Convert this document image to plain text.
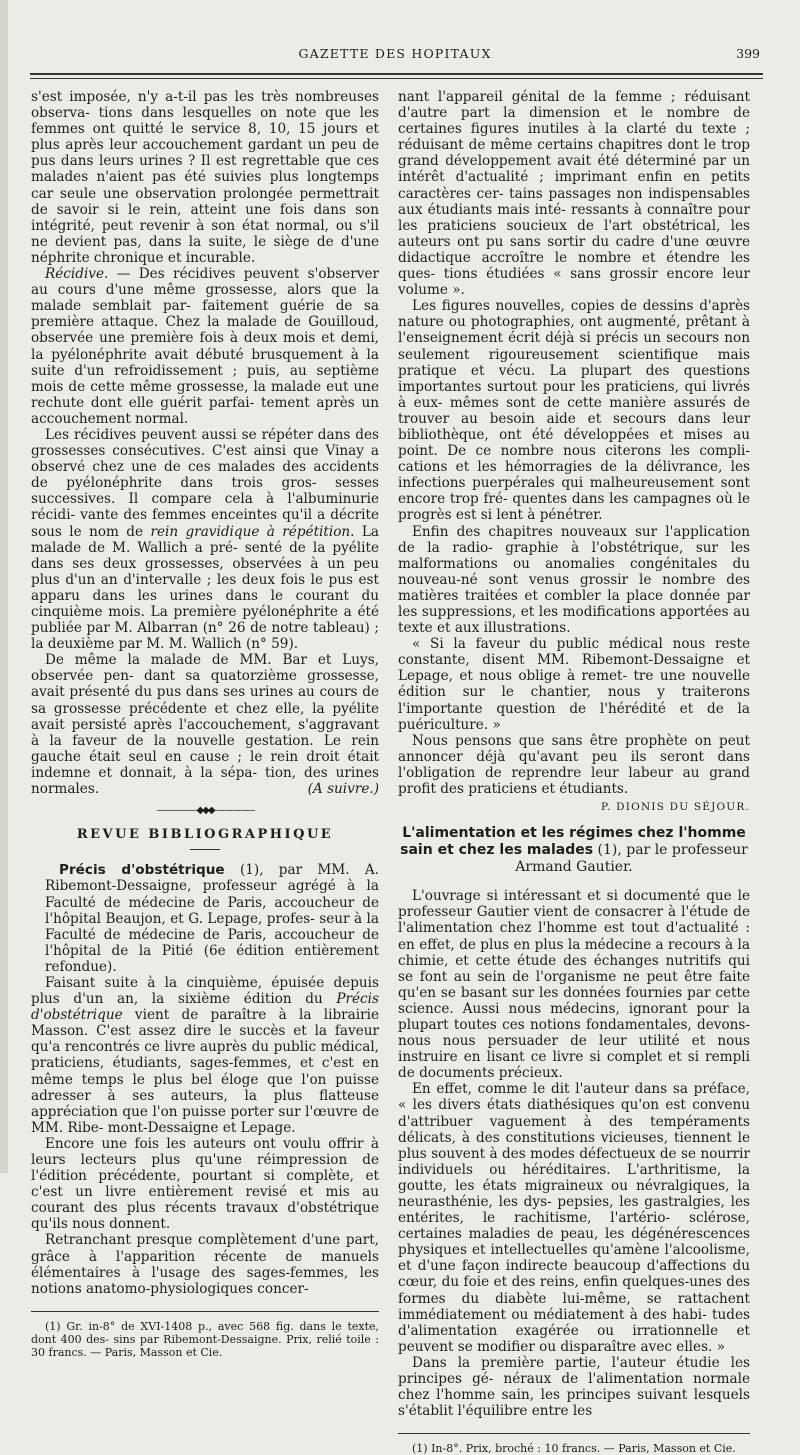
GAZETTE DES HOPITAUX	399

s'est imposée, n'y a-t-il pas les très nombreuses observa- tions dans lesquelles on note que les femmes ont quitté le service 8, 10, 15 jours et plus après leur accouchement gardant un peu de pus dans leurs urines ? Il est regrettable que ces malades n'aient pas été suivies plus longtemps car seule une observation prolongée permettrait de savoir si le rein, atteint une fois dans son intégrité, peut revenir à son état normal, ou s'il ne devient pas, dans la suite, le siège de d'une néphrite chronique et incurable.

Récidive. — Des récidives peuvent s'observer au cours d'une même grossesse, alors que la malade semblait par- faitement guérie de sa première attaque. Chez la malade de Gouilloud, observée une première fois à deux mois et demi, la pyélonéphrite avait débuté brusquement à la suite d'un refroidissement ; puis, au septième mois de cette même grossesse, la malade eut une rechute dont elle guérit parfai- tement après un accouchement normal.

Les récidives peuvent aussi se répéter dans des grossesses consécutives. C'est ainsi que Vinay a observé chez une de ces malades des accidents de pyélonéphrite dans trois gros- sesses successives. Il compare cela à l'albuminurie récidi- vante des femmes enceintes qu'il a décrite sous le nom de rein gravidique à répétition. La malade de M. Wallich a pré- senté de la pyélite dans ses deux grossesses, observées à un peu plus d'un an d'intervalle ; les deux fois le pus est apparu dans les urines dans le courant du cinquième mois. La première pyélonéphrite a été publiée par M. Albarran (n° 26 de notre tableau) ; la deuxième par M. M. Wallich (n° 59).

De même la malade de MM. Bar et Luys, observée pen- dant sa quatorzième grossesse, avait présenté du pus dans ses urines au cours de sa grossesse précédente et chez elle, la pyélite avait persisté après l'accouchement, s'aggravant à la faveur de la nouvelle gestation. Le rein gauche était seul en cause ; le rein droit était indemne et donnait, à la sépa- tion, des urines normales.	(A suivre.)

—————◆◆◆—————
REVUE BIBLIOGRAPHIQUE

Précis d'obstétrique (1), par MM. A. Ribemont-Dessaigne, professeur agrégé à la Faculté de médecine de Paris, accoucheur de l'hôpital Beaujon, et G. Lepage, profes- seur à la Faculté de médecine de Paris, accoucheur de l'hôpital de la Pitié (6e édition entièrement refondue).

Faisant suite à la cinquième, épuisée depuis plus d'un an, la sixième édition du Précis d'obstétrique vient de paraître à la librairie Masson. C'est assez dire le succès et la faveur qu'a rencontrés ce livre auprès du public médical, praticiens, étudiants, sages-femmes, et c'est en même temps le plus bel éloge que l'on puisse adresser à ses auteurs, la plus flatteuse appréciation que l'on puisse porter sur l'œuvre de MM. Ribe- mont-Dessaigne et Lepage.

Encore une fois les auteurs ont voulu offrir à leurs lecteurs plus qu'une réimpression de l'édition précédente, pourtant si complète, et c'est un livre entièrement revisé et mis au courant des plus récents travaux d'obstétrique qu'ils nous donnent.

Retranchant presque complètement d'une part, grâce à l'apparition récente de manuels élémentaires à l'usage des sages-femmes, les notions anatomo-physiologiques concer-

(1) Gr. in-8° de XVI-1408 p., avec 568 fig. dans le texte, dont 400 des- sins par Ribemont-Dessaigne. Prix, relié toile : 30 francs. — Paris, Masson et Cie.

nant l'appareil génital de la femme ; réduisant d'autre part la dimension et le nombre de certaines figures inutiles à la clarté du texte ; réduisant de même certains chapitres dont le trop grand développement avait été déterminé par un intérêt d'actualité ; imprimant enfin en petits caractères cer- tains passages non indispensables aux étudiants mais inté- ressants à connaître pour les praticiens soucieux de l'art obstétrical, les auteurs ont pu sans sortir du cadre d'une œuvre didactique accroître le nombre et étendre les ques- tions étudiées « sans grossir encore leur volume ».

Les figures nouvelles, copies de dessins d'après nature ou photographies, ont augmenté, prêtant à l'enseignement écrit déjà si précis un secours non seulement rigoureusement scientifique mais pratique et vécu. La plupart des questions importantes surtout pour les praticiens, qui livrés à eux- mêmes sont de cette manière assurés de trouver au besoin aide et secours dans leur bibliothèque, ont été développées et mises au point. De ce nombre nous citerons les compli- cations et les hémorragies de la délivrance, les infections puerpérales qui malheureusement sont encore trop fré- quentes dans les campagnes où le progrès est si lent à pénétrer.

Enfin des chapitres nouveaux sur l'application de la radio- graphie à l'obstétrique, sur les malformations ou anomalies congénitales du nouveau-né sont venus grossir le nombre des matières traitées et combler la place donnée par les suppressions, et les modifications apportées au texte et aux illustrations.

« Si la faveur du public médical nous reste constante, disent MM. Ribemont-Dessaigne et Lepage, et nous oblige à remet- tre une nouvelle édition sur le chantier, nous y traiterons l'importante question de l'hérédité et de la puériculture. »

Nous pensons que sans être prophète on peut annoncer déjà qu'avant peu ils seront dans l'obligation de reprendre leur labeur au grand profit des praticiens et étudiants.

P. DIONIS DU SÉJOUR.
L'alimentation et les régimes chez l'homme sain et chez les malades (1), par le professeur Armand Gautier.

L'ouvrage si intéressant et si documenté que le professeur Gautier vient de consacrer à l'étude de l'alimentation chez l'homme est tout d'actualité : en effet, de plus en plus la médecine a recours à la chimie, et cette étude des échanges nutritifs qui se font au sein de l'organisme ne peut être faite qu'en se basant sur les données fournies par cette science. Aussi nous médecins, ignorant pour la plupart toutes ces notions fondamentales, devons-nous nous persuader de leur utilité et nous instruire en lisant ce livre si complet et si rempli de documents précieux.

En effet, comme le dit l'auteur dans sa préface, « les divers états diathésiques qu'on est convenu d'attribuer vaguement à des tempéraments délicats, à des constitutions vicieuses, tiennent le plus souvent à des modes défectueux de se nourrir individuels ou héréditaires. L'arthritisme, la goutte, les états migraineux ou névralgiques, la neurasthénie, les dys- pepsies, les gastralgies, les entérites, le rachitisme, l'artério- sclérose, certaines maladies de peau, les dégénérescences physiques et intellectuelles qu'amène l'alcoolisme, et d'une façon indirecte beaucoup d'affections du cœur, du foie et des reins, enfin quelques-unes des formes du diabète lui-même, se rattachent immédiatement ou médiatement à des habi- tudes d'alimentation exagérée ou irrationnelle et peuvent se modifier ou disparaître avec elles. »

Dans la première partie, l'auteur étudie les principes gé- néraux de l'alimentation normale chez l'homme sain, les principes suivant lesquels s'établit l'équilibre entre les

(1) In-8°. Prix, broché : 10 francs. — Paris, Masson et Cie.
